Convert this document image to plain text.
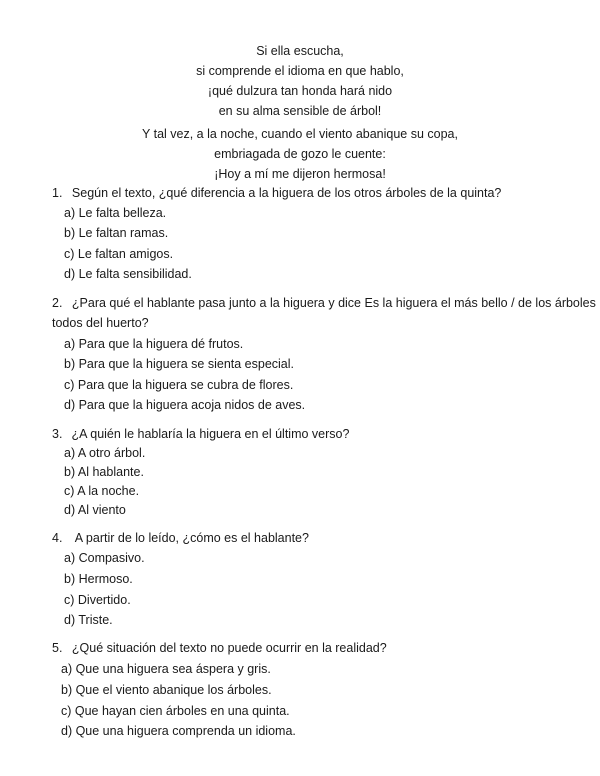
Si ella escucha,

si comprende el idioma en que hablo,

¡qué dulzura tan honda hará nido

en su alma sensible de árbol!

Y tal vez, a la noche, cuando el viento abanique su copa,

embriagada de gozo le cuente:

¡Hoy a mí me dijeron hermosa!

1. Según el texto, ¿qué diferencia a la higuera de los otros árboles de la quinta?
a) Le falta belleza.
b) Le faltan ramas.
c) Le faltan amigos.
d) Le falta sensibilidad.
2. ¿Para qué el hablante pasa junto a la higuera y dice Es la higuera el más bello / de los árboles
todos del huerto?
a) Para que la higuera dé frutos.
b) Para que la higuera se sienta especial.
c) Para que la higuera se cubra de flores.
d) Para que la higuera acoja nidos de aves.
3. ¿A quién le hablaría la higuera en el último verso?
a) A otro árbol.
b) Al hablante.
c) A la noche.
d) Al viento
4. A partir de lo leído, ¿cómo es el hablante?
a) Compasivo.
b) Hermoso.
c) Divertido.
d) Triste.
5. ¿Qué situación del texto no puede ocurrir en la realidad?
a) Que una higuera sea áspera y gris.
b) Que el viento abanique los árboles.
c) Que hayan cien árboles en una quinta.
d) Que una higuera comprenda un idioma.
